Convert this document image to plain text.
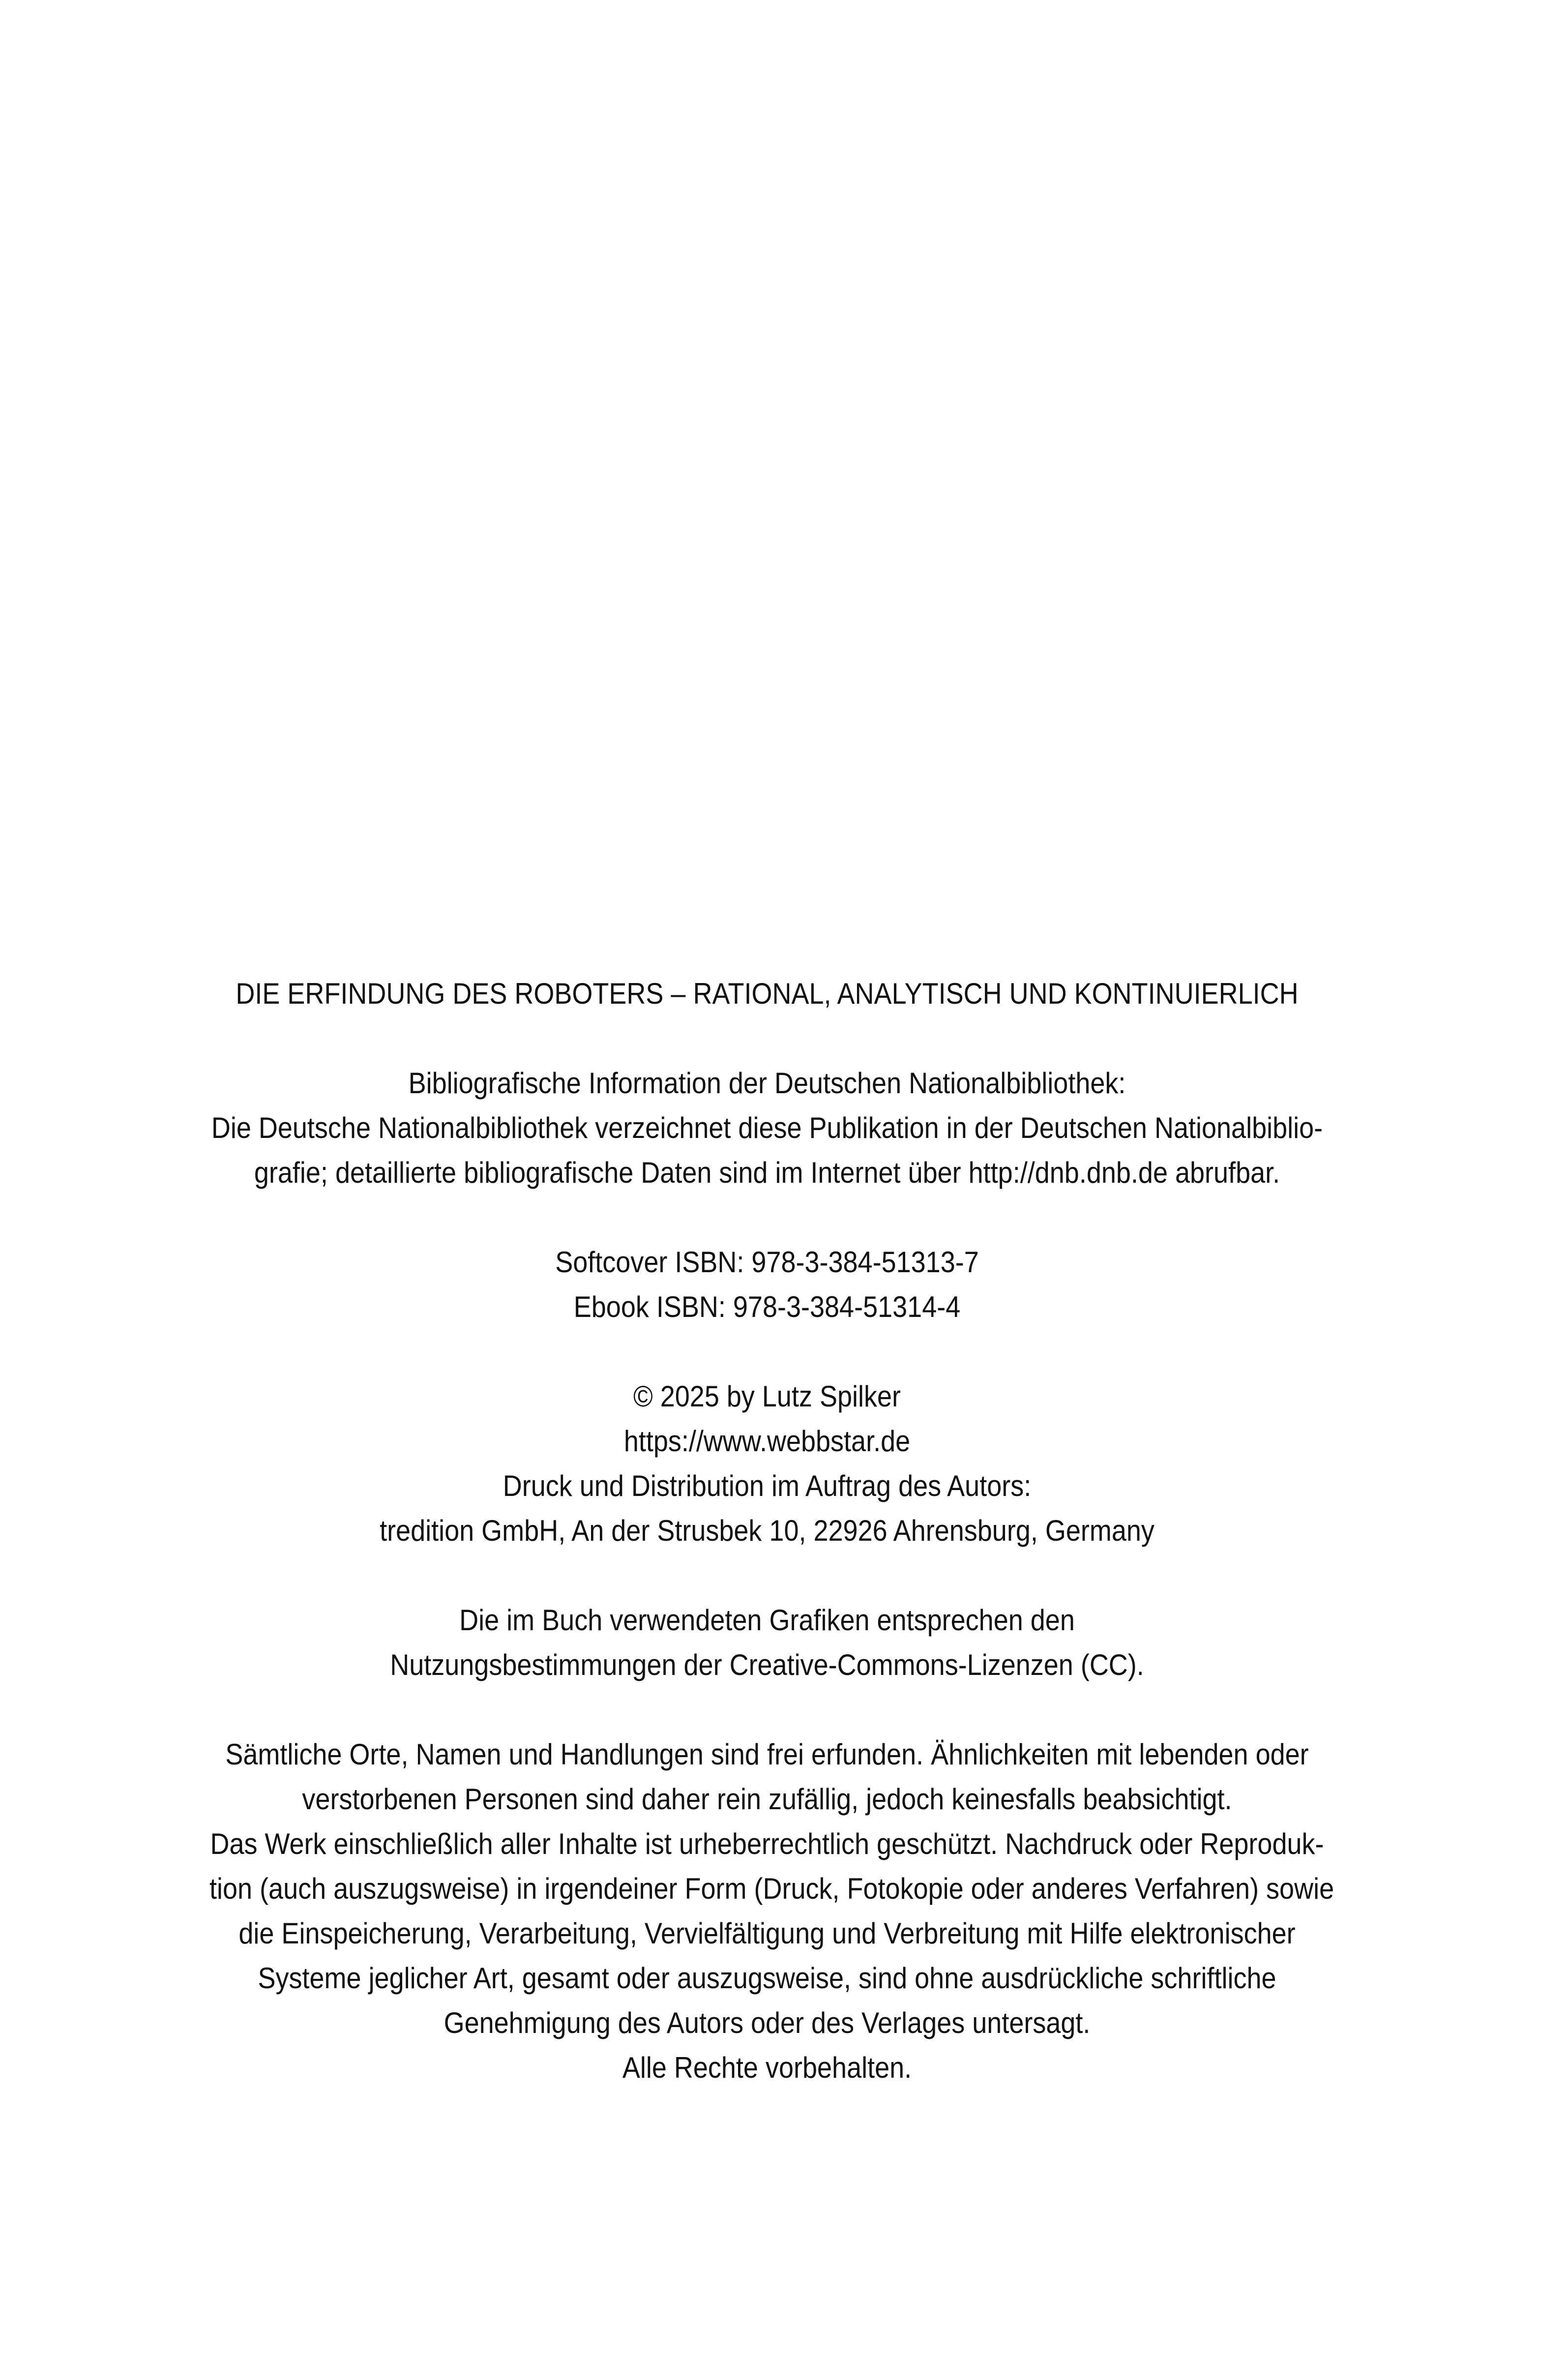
DIE ERFINDUNG DES ROBOTERS – RATIONAL, ANALYTISCH UND KONTINUIERLICH
Bibliografische Information der Deutschen Nationalbibliothek:
Die Deutsche Nationalbibliothek verzeichnet diese Publikation in der Deutschen Nationalbiblio-
grafie; detaillierte bibliografische Daten sind im Internet über http://dnb.dnb.de abrufbar.
Softcover ISBN: 978-3-384-51313-7
Ebook ISBN: 978-3-384-51314-4
© 2025 by Lutz Spilker
https://www.webbstar.de
Druck und Distribution im Auftrag des Autors:
tredition GmbH, An der Strusbek 10, 22926 Ahrensburg, Germany
Die im Buch verwendeten Grafiken entsprechen den
Nutzungsbestimmungen der Creative-Commons-Lizenzen (CC).
Sämtliche Orte, Namen und Handlungen sind frei erfunden. Ähnlichkeiten mit lebenden oder
verstorbenen Personen sind daher rein zufällig, jedoch keinesfalls beabsichtigt.
Das Werk einschließlich aller Inhalte ist urheberrechtlich geschützt. Nachdruck oder Reproduk-
tion (auch auszugsweise) in irgendeiner Form (Druck, Fotokopie oder anderes Verfahren) sowie
die Einspeicherung, Verarbeitung, Vervielfältigung und Verbreitung mit Hilfe elektronischer
Systeme jeglicher Art, gesamt oder auszugsweise, sind ohne ausdrückliche schriftliche
Genehmigung des Autors oder des Verlages untersagt.
Alle Rechte vorbehalten.
